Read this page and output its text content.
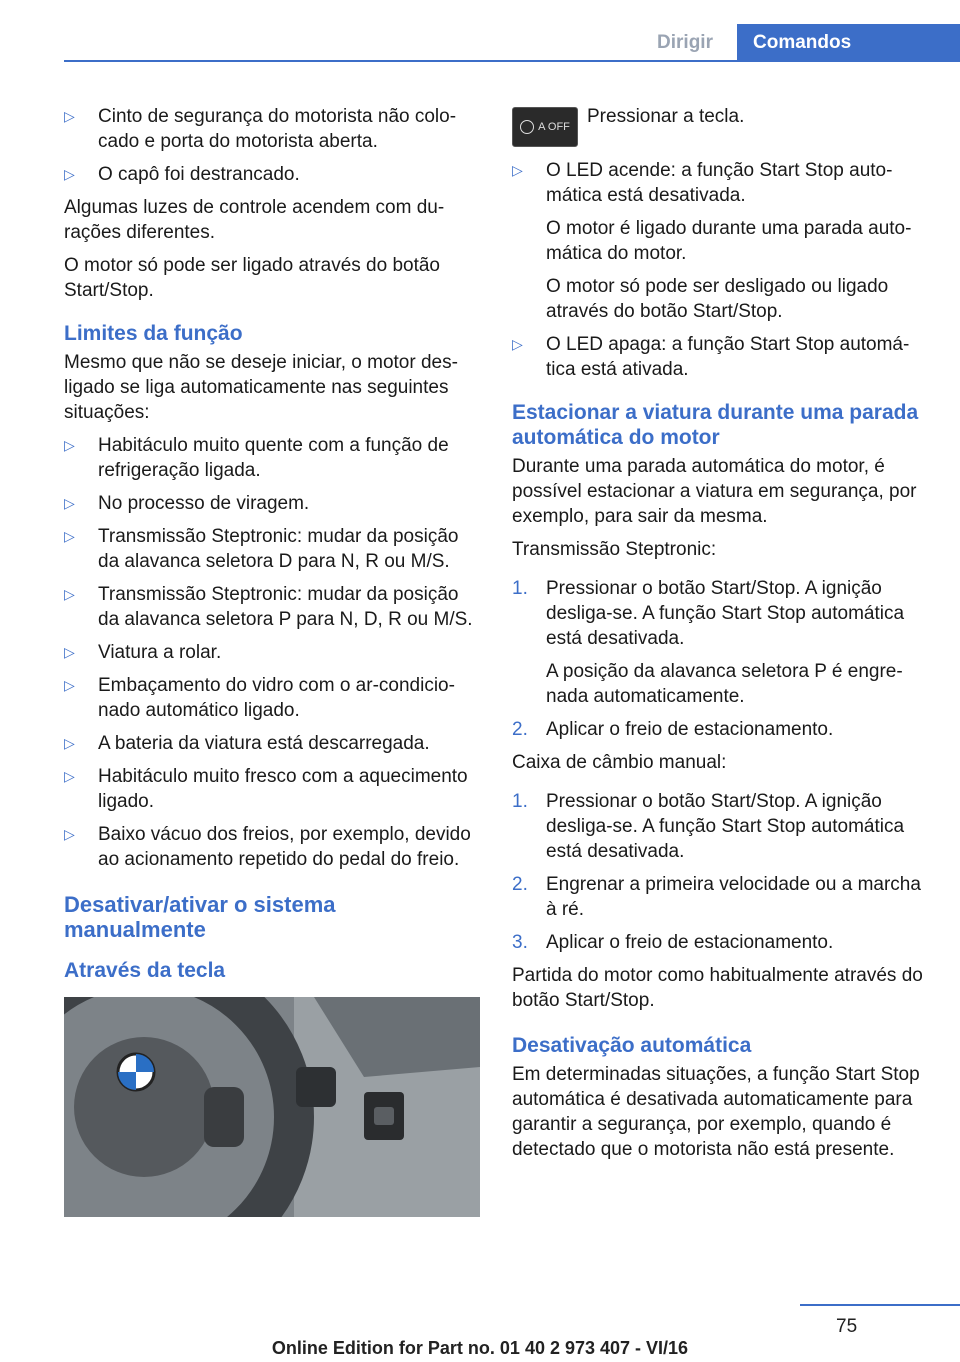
Dirigir	Comandos
▷ Cinto de segurança do motorista não colocado e porta do motorista aberta.
▷ O capô foi destrancado.

Algumas luzes de controle acendem com durações diferentes.

O motor só pode ser ligado através do botão Start/Stop.

Limites da função

Mesmo que não se deseje iniciar, o motor desligado se liga automaticamente nas seguintes situações:

▷ Habitáculo muito quente com a função de refrigeração ligada.
▷ No processo de viragem.
▷ Transmissão Steptronic: mudar da posição da alavanca seletora D para N, R ou M/S.
▷ Transmissão Steptronic: mudar da posição da alavanca seletora P para N, D, R ou M/S.
▷ Viatura a rolar.
▷ Embaçamento do vidro com o ar-condicionado automático ligado.
▷ A bateria da viatura está descarregada.
▷ Habitáculo muito fresco com a aquecimento ligado.
▷ Baixo vácuo dos freios, por exemplo, devido ao acionamento repetido do pedal do freio.
Desativar/ativar o sistema manualmente
Através da tecla
A OFF Pressionar a tecla.
▷ O LED acende: a função Start Stop automática está desativada.
O motor é ligado durante uma parada automática do motor.
O motor só pode ser desligado ou ligado através do botão Start/Stop.
▷ O LED apaga: a função Start Stop automática está ativada.
Estacionar a viatura durante uma parada automática do motor

Durante uma parada automática do motor, é possível estacionar a viatura em segurança, por exemplo, para sair da mesma.

Transmissão Steptronic:

1. Pressionar o botão Start/Stop. A ignição desliga-se. A função Start Stop automática está desativada.
A posição da alavanca seletora P é engrenada automaticamente.
2. Aplicar o freio de estacionamento.

Caixa de câmbio manual:

1. Pressionar o botão Start/Stop. A ignição desliga-se. A função Start Stop automática está desativada.
2. Engrenar a primeira velocidade ou a marcha à ré.
3. Aplicar o freio de estacionamento.

Partida do motor como habitualmente através do botão Start/Stop.

Desativação automática

Em determinadas situações, a função Start Stop automática é desativada automaticamente para garantir a segurança, por exemplo, quando é detectado que o motorista não está presente.

75
Online Edition for Part no. 01 40 2 973 407 - VI/16
